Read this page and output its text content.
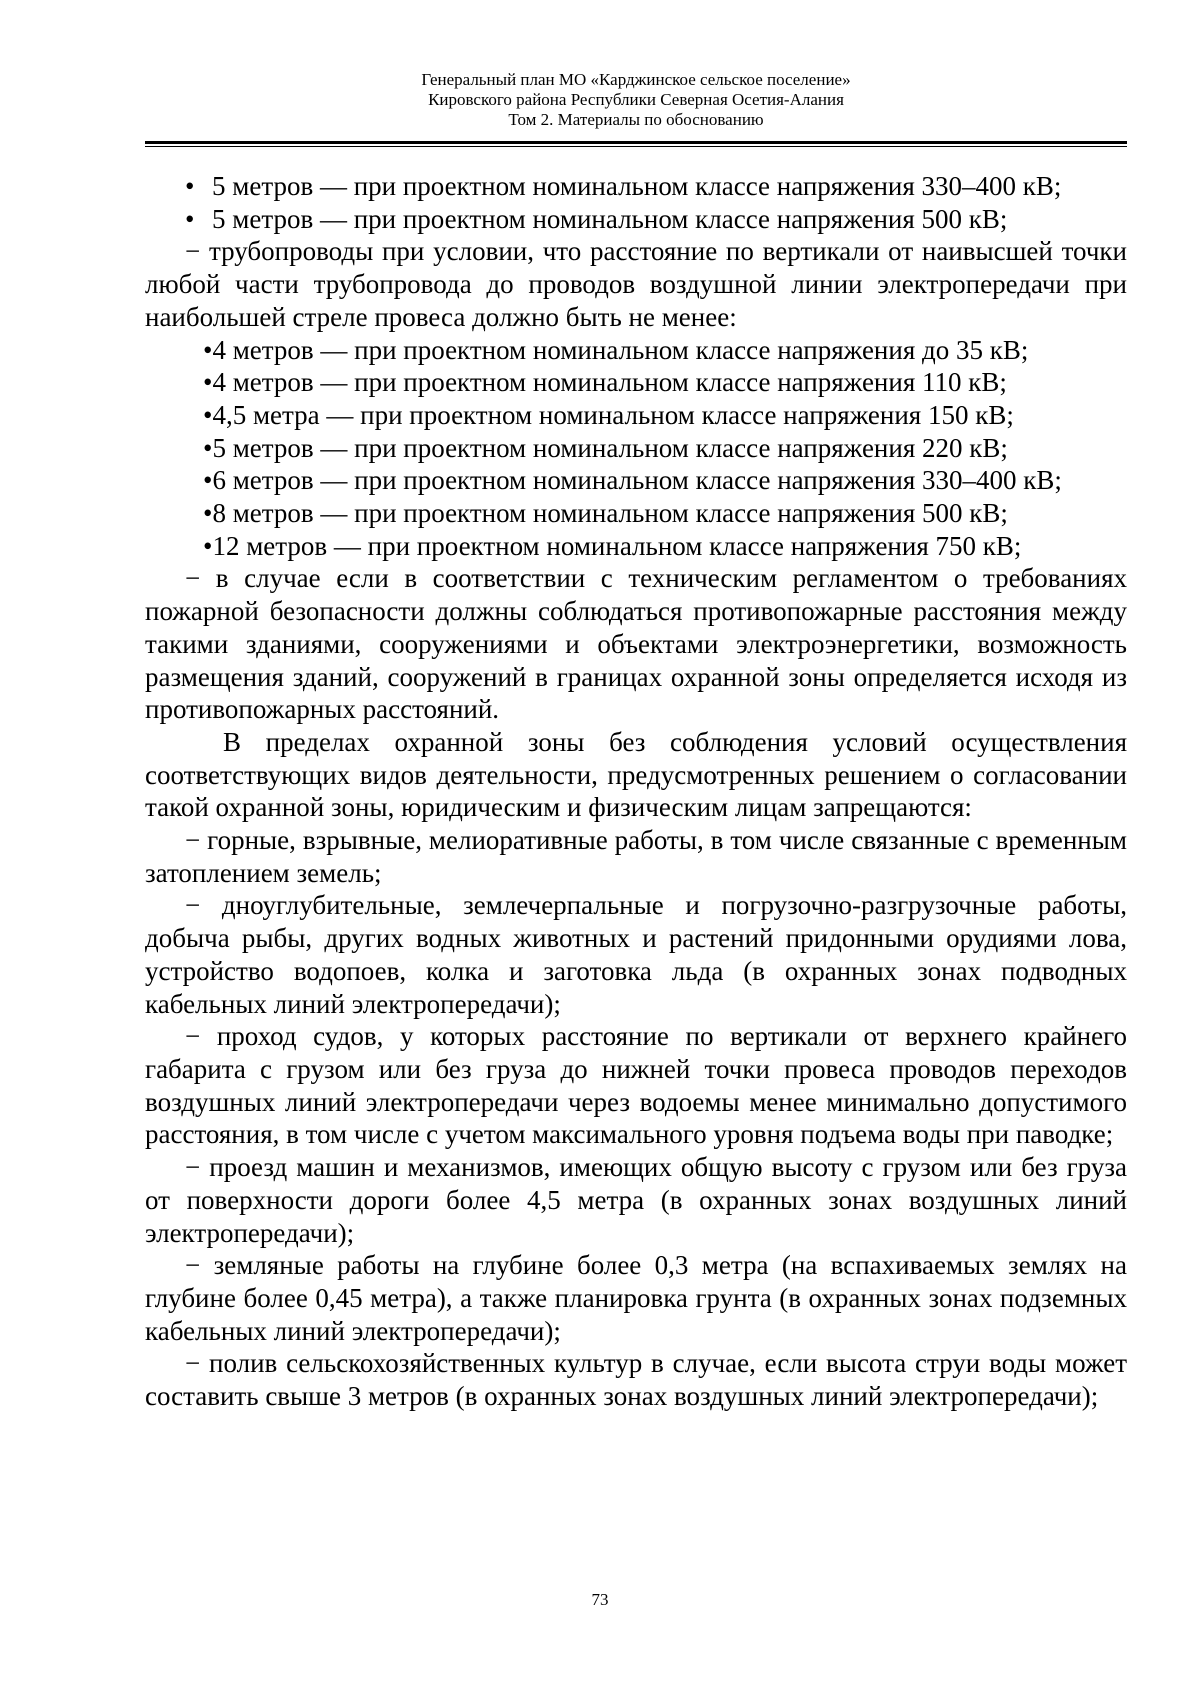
Генеральный план МО «Карджинское сельское поселение»
Кировского района Республики Северная Осетия-Алания
Том 2. Материалы по обоснованию

• 5 метров — при проектном номинальном классе напряжения 330–400 кВ;

• 5 метров — при проектном номинальном классе напряжения 500 кВ;

− трубопроводы при условии, что расстояние по вертикали от наивысшей точки любой части трубопровода до проводов воздушной линии электропередачи при наибольшей стреле провеса должно быть не менее:

•4 метров — при проектном номинальном классе напряжения до 35 кВ;

•4 метров — при проектном номинальном классе напряжения 110 кВ;

•4,5 метра — при проектном номинальном классе напряжения 150 кВ;

•5 метров — при проектном номинальном классе напряжения 220 кВ;

•6 метров — при проектном номинальном классе напряжения 330–400 кВ;

•8 метров — при проектном номинальном классе напряжения 500 кВ;

•12 метров — при проектном номинальном классе напряжения 750 кВ;

− в случае если в соответствии с техническим регламентом о требованиях пожарной безопасности должны соблюдаться противопожарные расстояния между такими зданиями, сооружениями и объектами электроэнергетики, возможность размещения зданий, сооружений в границах охранной зоны определяется исходя из противопожарных расстояний.

В пределах охранной зоны без соблюдения условий осуществления соответствующих видов деятельности, предусмотренных решением о согласовании такой охранной зоны, юридическим и физическим лицам запрещаются:

− горные, взрывные, мелиоративные работы, в том числе связанные с временным затоплением земель;

− дноуглубительные, землечерпальные и погрузочно-разгрузочные работы, добыча рыбы, других водных животных и растений придонными орудиями лова, устройство водопоев, колка и заготовка льда (в охранных зонах подводных кабельных линий электропередачи);

− проход судов, у которых расстояние по вертикали от верхнего крайнего габарита с грузом или без груза до нижней точки провеса проводов переходов воздушных линий электропередачи через водоемы менее минимально допустимого расстояния, в том числе с учетом максимального уровня подъема воды при паводке;

− проезд машин и механизмов, имеющих общую высоту с грузом или без груза от поверхности дороги более 4,5 метра (в охранных зонах воздушных линий электропередачи);

− земляные работы на глубине более 0,3 метра (на вспахиваемых землях на глубине более 0,45 метра), а также планировка грунта (в охранных зонах подземных кабельных линий электропередачи);

− полив сельскохозяйственных культур в случае, если высота струи воды может составить свыше 3 метров (в охранных зонах воздушных линий электропередачи);

73
